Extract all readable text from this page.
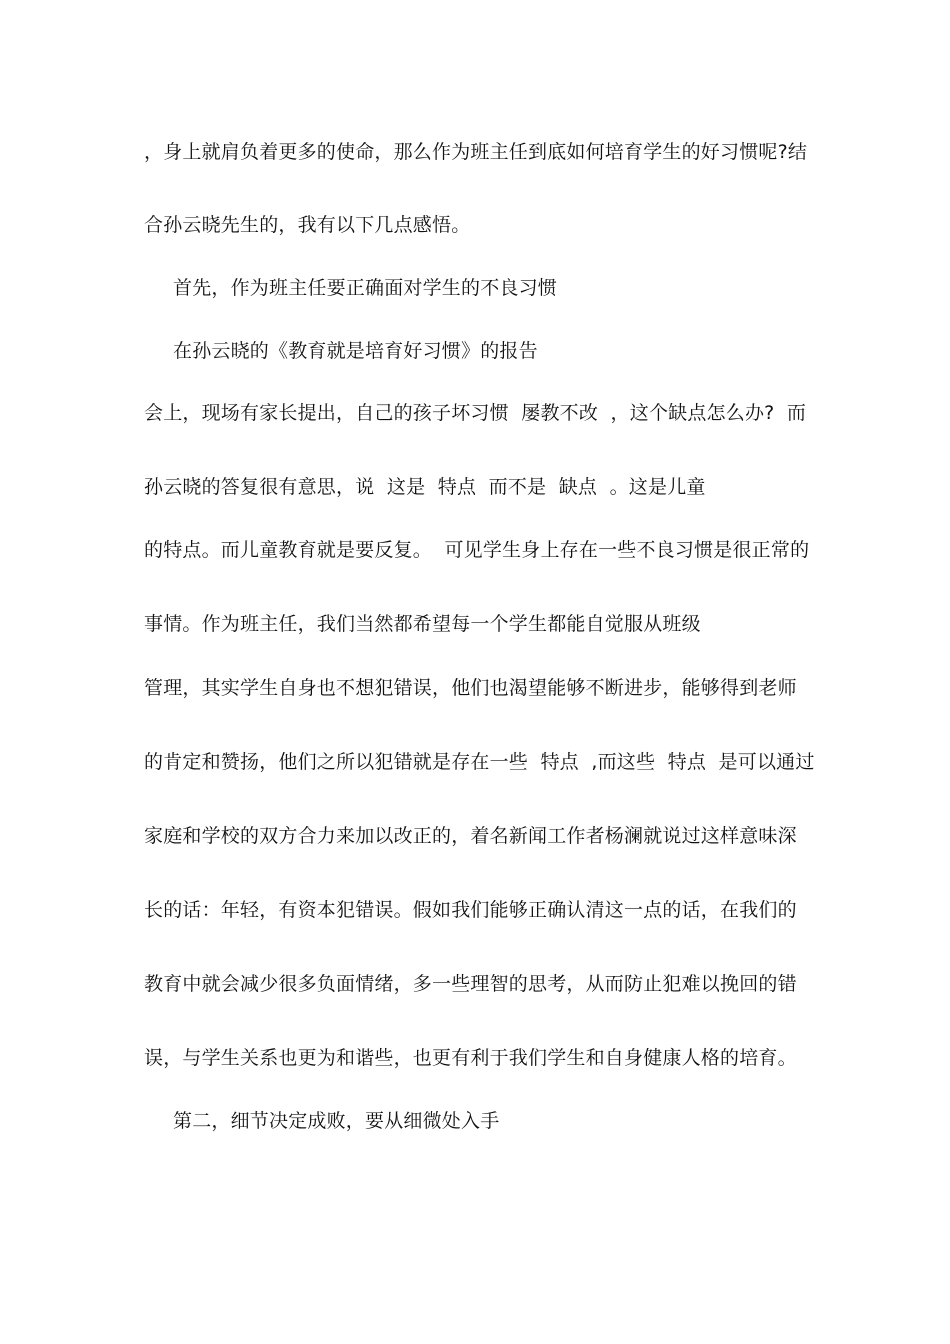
，身上就肩负着更多的使命，那么作为班主任到底如何培育学生的好习惯呢?结
合孙云晓先生的，我有以下几点感悟。
首先，作为班主任要正确面对学生的不良习惯
在孙云晓的《教育就是培育好习惯》的报告
会上，现场有家长提出，自己的孩子坏习惯  屡教不改  ，这个缺点怎么办?  而
孙云晓的答复很有意思，说  这是  特点  而不是  缺点  。这是儿童
的特点。而儿童教育就是要反复。  可见学生身上存在一些不良习惯是很正常的
事情。作为班主任，我们当然都希望每一个学生都能自觉服从班级
管理，其实学生自身也不想犯错误，他们也渴望能够不断进步，能够得到老师
的肯定和赞扬，他们之所以犯错就是存在一些  特点  ,而这些  特点  是可以通过
家庭和学校的双方合力来加以改正的，着名新闻工作者杨澜就说过这样意味深
长的话：年轻，有资本犯错误。假如我们能够正确认清这一点的话，在我们的
教育中就会减少很多负面情绪，多一些理智的思考，从而防止犯难以挽回的错
误，与学生关系也更为和谐些，也更有利于我们学生和自身健康人格的培育。
第二，细节决定成败，要从细微处入手
